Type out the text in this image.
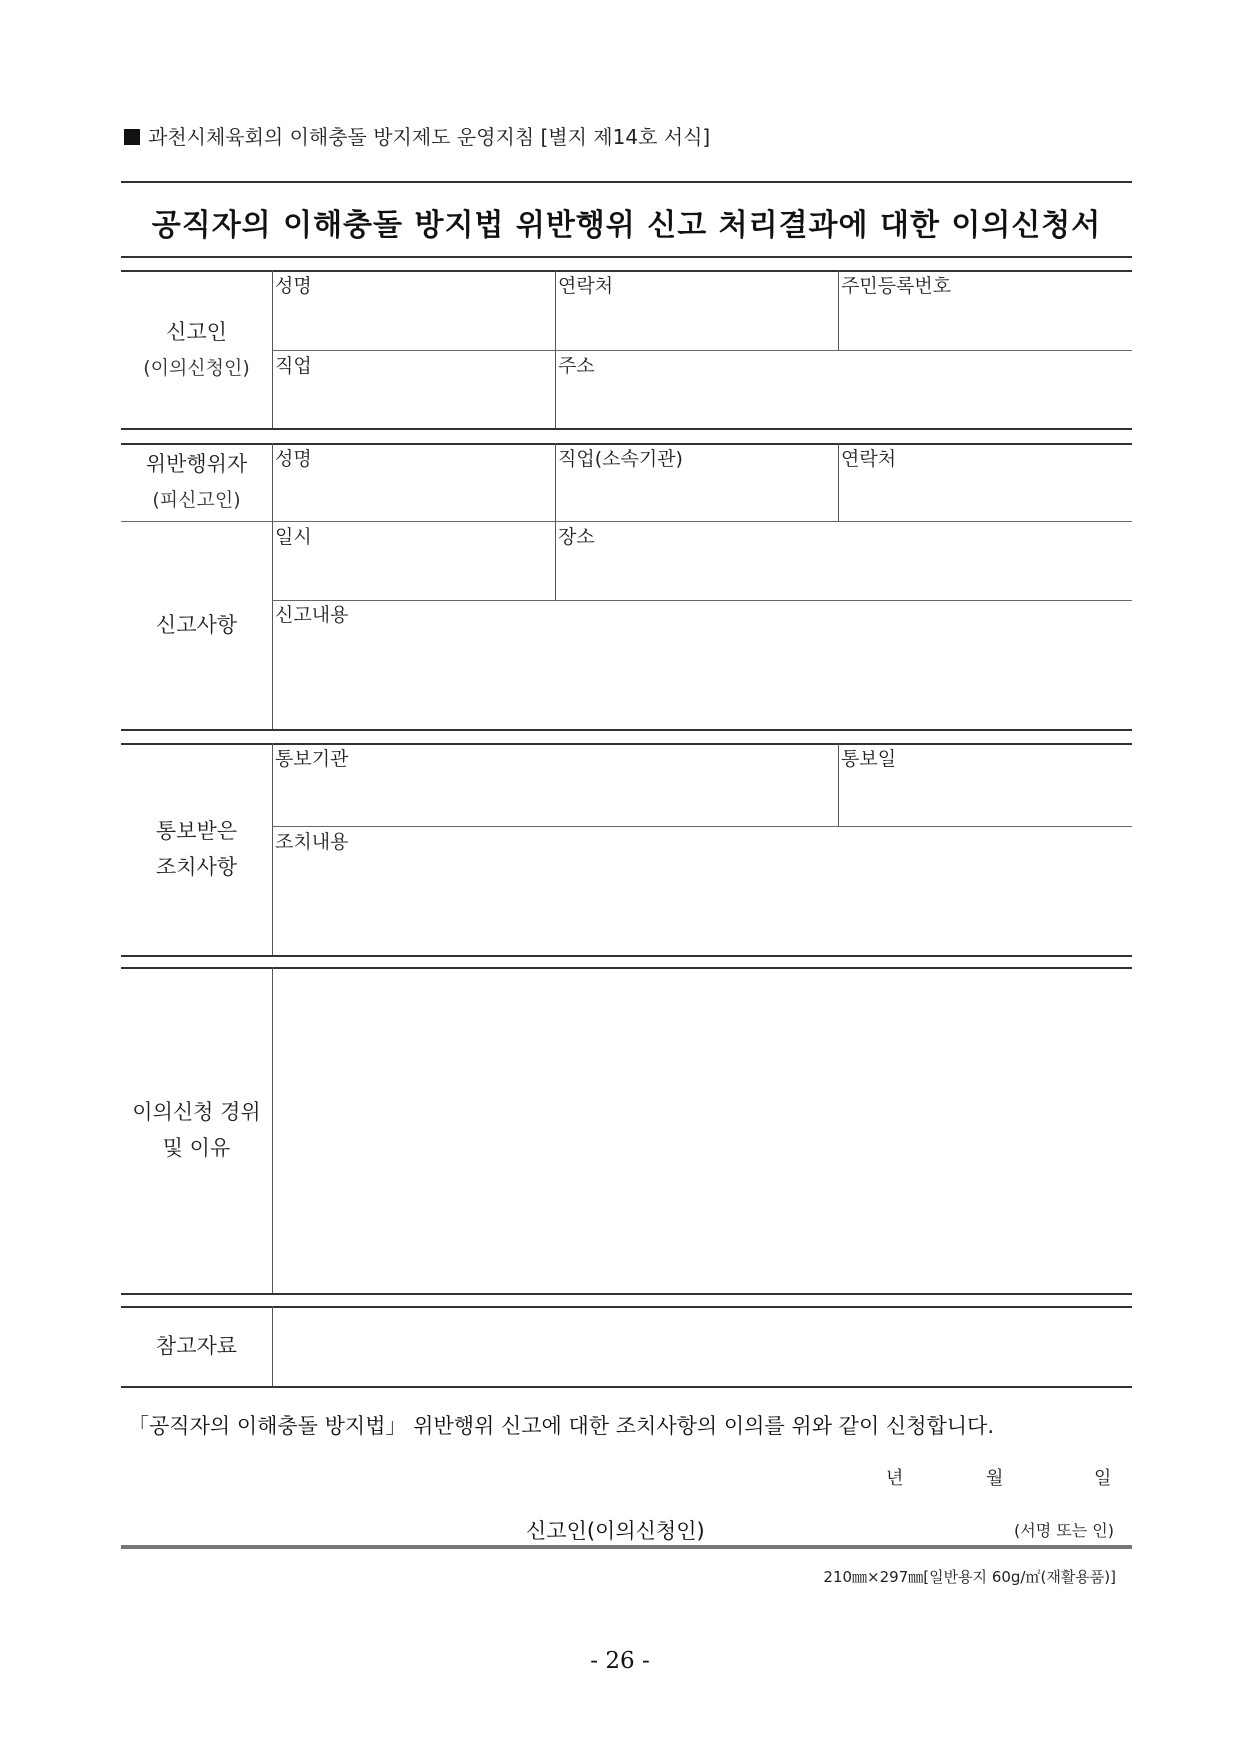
과천시체육회의 이해충돌 방지제도 운영지침 [별지 제14호 서식]
공직자의 이해충돌 방지법 위반행위 신고 처리결과에 대한 이의신청서
신고인
(이의신청인)
성명	연락처	주민등록번호
직업	주소
위반행위자
(피신고인)
성명	직업(소속기관)	연락처
신고사항
일시	장소
신고내용
통보받은
조치사항
통보기관	통보일
조치내용
이의신청 경위
및 이유
참고자료
「공직자의 이해충돌 방지법」 위반행위 신고에 대한 조치사항의 이의를 위와 같이 신청합니다.
년	월	일
신고인(이의신청인)	(서명 또는 인)
210㎜×297㎜[일반용지 60g/㎡(재활용품)]
- 26 -
